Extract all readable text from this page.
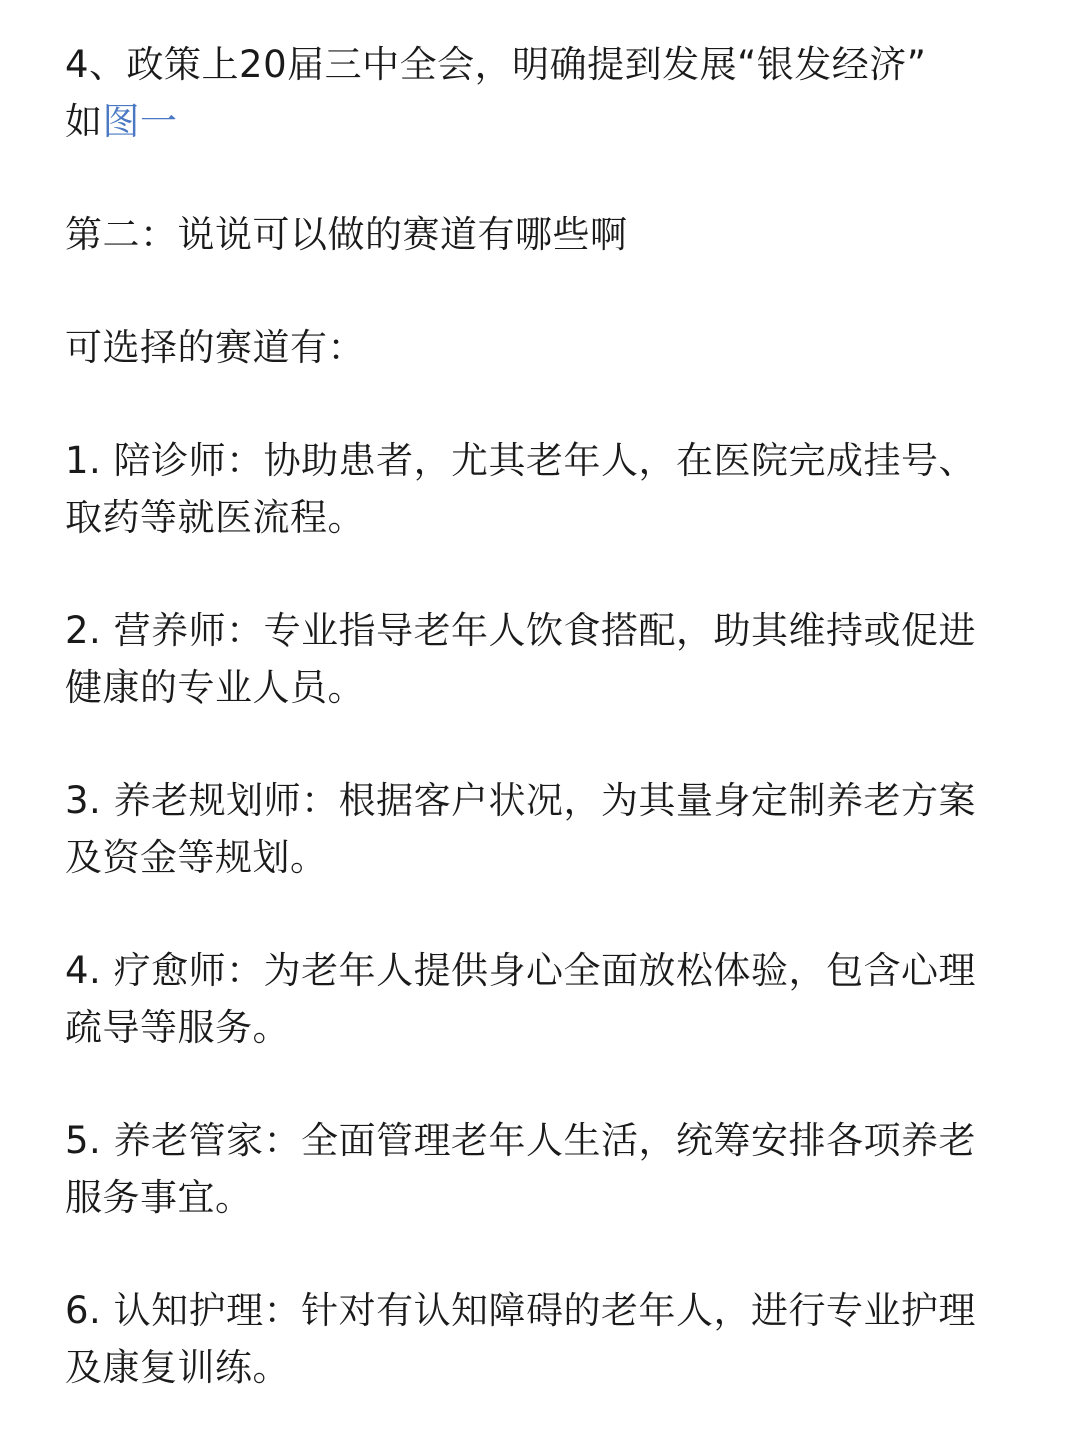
4、政策上20届三中全会，明确提到发展“银发经济”
如图一

第二：说说可以做的赛道有哪些啊

可选择的赛道有：

1. 陪诊师：协助患者，尤其老年人，在医院完成挂号、取药等就医流程。

2. 营养师：专业指导老年人饮食搭配，助其维持或促进健康的专业人员。

3. 养老规划师：根据客户状况，为其量身定制养老方案及资金等规划。

4. 疗愈师：为老年人提供身心全面放松体验，包含心理疏导等服务。

5. 养老管家：全面管理老年人生活，统筹安排各项养老服务事宜。

6. 认知护理：针对有认知障碍的老年人，进行专业护理及康复训练。
